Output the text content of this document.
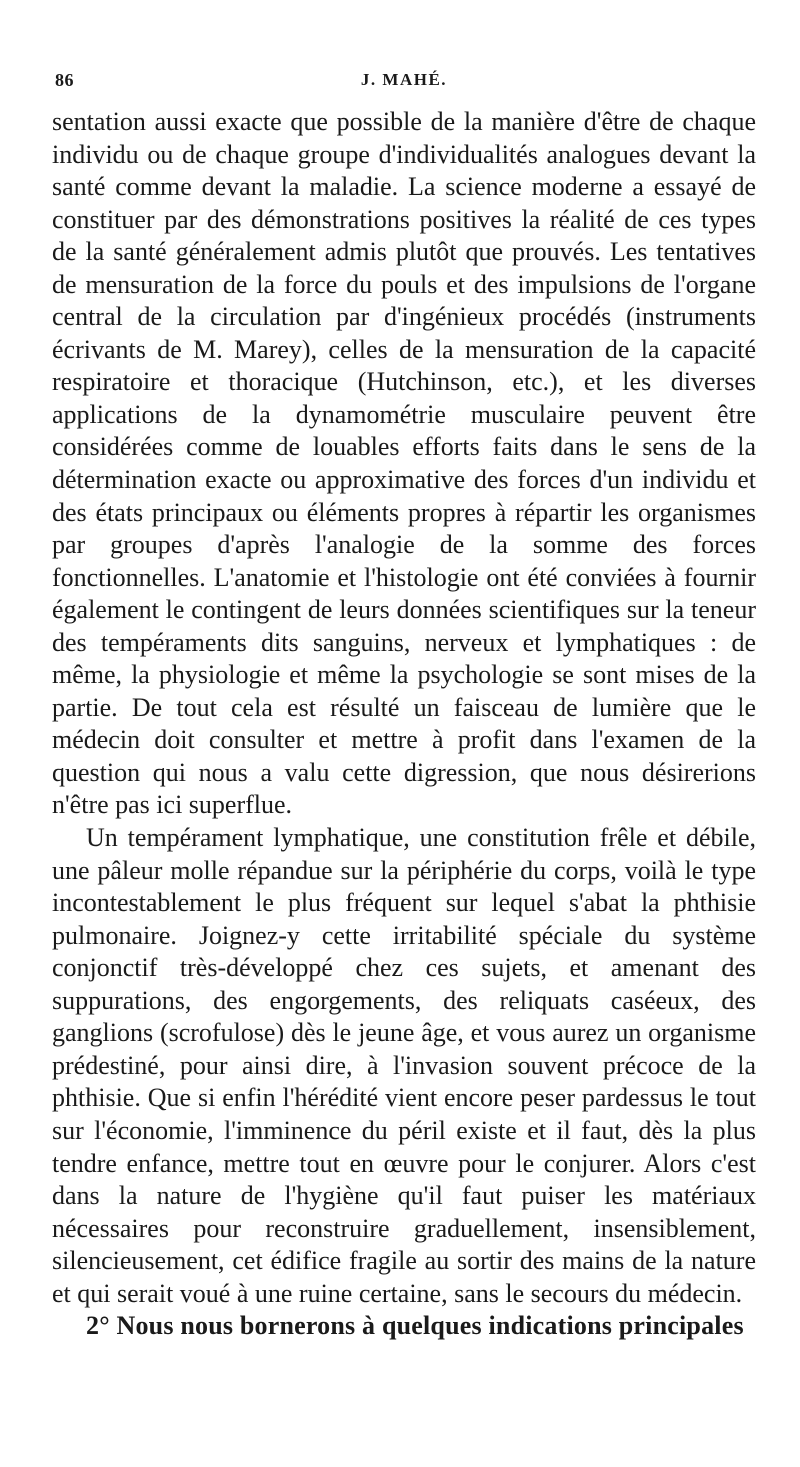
86	J. MAHÉ.

sentation aussi exacte que possible de la manière d'être de chaque individu ou de chaque groupe d'individualités analogues devant la santé comme devant la maladie. La science moderne a essayé de constituer par des démonstrations positives la réalité de ces types de la santé généralement admis plutôt que prouvés. Les tentatives de mensuration de la force du pouls et des impulsions de l'organe central de la circulation par d'ingénieux procédés (instruments écrivants de M. Marey), celles de la mensuration de la capacité respiratoire et thoracique (Hutchinson, etc.), et les diverses applications de la dynamométrie musculaire peuvent être considérées comme de louables efforts faits dans le sens de la détermination exacte ou approximative des forces d'un individu et des états principaux ou éléments propres à répartir les organismes par groupes d'après l'analogie de la somme des forces fonctionnelles. L'anatomie et l'histologie ont été conviées à fournir également le contingent de leurs données scientifiques sur la teneur des tempéraments dits sanguins, nerveux et lymphatiques : de même, la physiologie et même la psychologie se sont mises de la partie. De tout cela est résulté un faisceau de lumière que le médecin doit consulter et mettre à profit dans l'examen de la question qui nous a valu cette digression, que nous désirerions n'être pas ici superflue.

Un tempérament lymphatique, une constitution frêle et débile, une pâleur molle répandue sur la périphérie du corps, voilà le type incontestablement le plus fréquent sur lequel s'abat la phthisie pulmonaire. Joignez-y cette irritabilité spéciale du système conjonctif très-développé chez ces sujets, et amenant des suppurations, des engorgements, des reliquats caséeux, des ganglions (scrofulose) dès le jeune âge, et vous aurez un organisme prédestiné, pour ainsi dire, à l'invasion souvent précoce de la phthisie. Que si enfin l'hérédité vient encore peser pardessus le tout sur l'économie, l'imminence du péril existe et il faut, dès la plus tendre enfance, mettre tout en œuvre pour le conjurer. Alors c'est dans la nature de l'hygiène qu'il faut puiser les matériaux nécessaires pour reconstruire graduellement, insensiblement, silencieusement, cet édifice fragile au sortir des mains de la nature et qui serait voué à une ruine certaine, sans le secours du médecin.

2° Nous nous bornerons à quelques indications principales
